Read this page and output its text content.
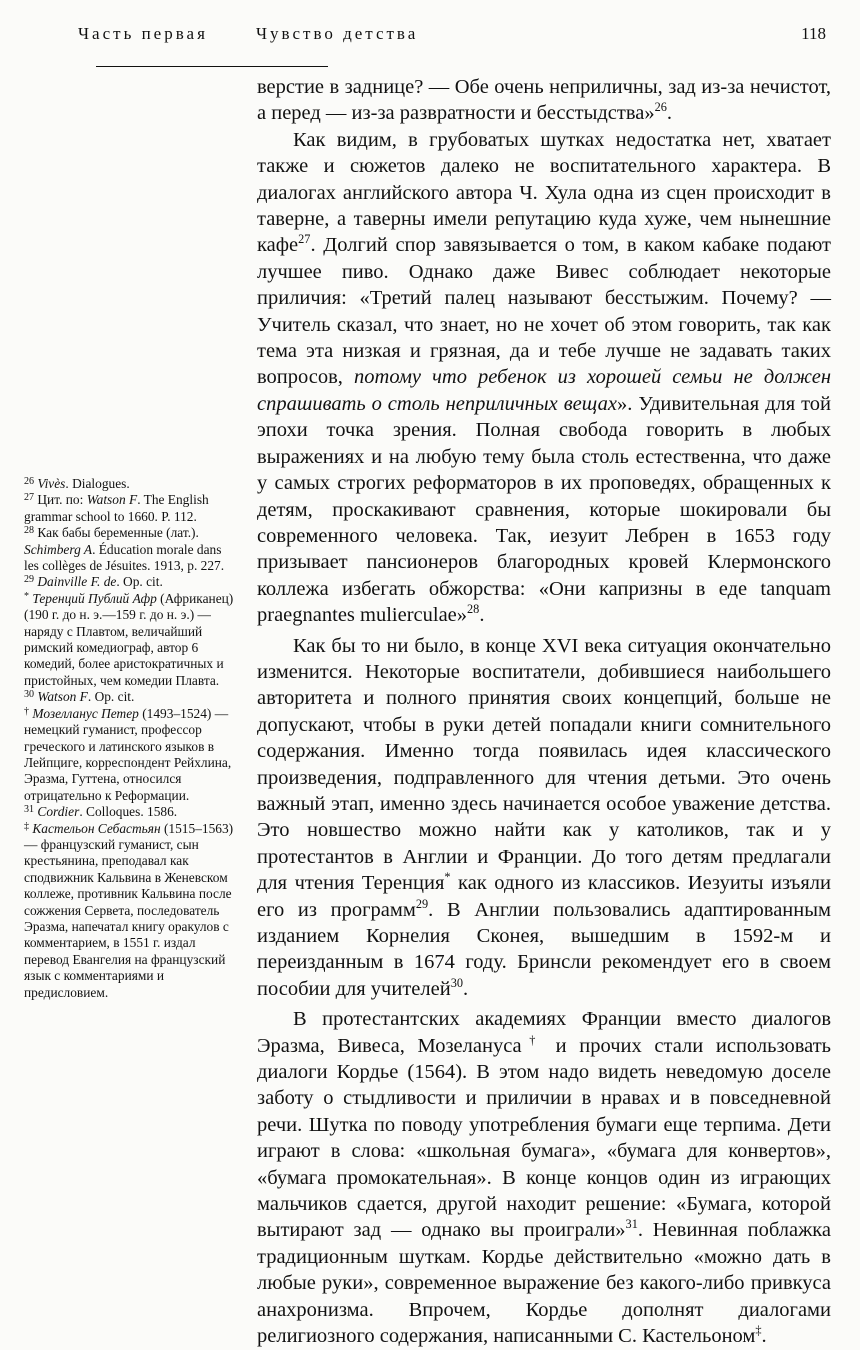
Часть первая	Чувство детства	118

верстие в заднице? — Обе очень неприличны, зад из-за нечистот, а перед — из-за развратности и бесстыдства»$^{26}$.

Как видим, в грубоватых шутках недостатка нет, хватает также и сюжетов далеко не воспитательного характера. В диалогах английского автора Ч. Хула одна из сцен происходит в таверне, а таверны имели репутацию куда хуже, чем нынешние кафе$^{27}$. Долгий спор завязывается о том, в каком кабаке подают лучшее пиво. Однако даже Вивес соблюдает некоторые приличия: «Третий палец называют бесстыжим. Почему? — Учитель сказал, что знает, но не хочет об этом говорить, так как тема эта низкая и грязная, да и тебе лучше не задавать таких вопросов, потому что ребенок из хорошей семьи не должен спрашивать о столь неприличных вещах». Удивительная для той эпохи точка зрения. Полная свобода говорить в любых выражениях и на любую тему была столь естественна, что даже у самых строгих реформаторов в их проповедях, обращенных к детям, проскакивают сравнения, которые шокировали бы современного человека. Так, иезуит Лебрен в 1653 году призывает пансионеров благородных кровей Клермонского коллежа избегать обжорства: «Они капризны в еде tanquam praegnantes mulierculae»$^{28}$.

Как бы то ни было, в конце XVI века ситуация окончательно изменится. Некоторые воспитатели, добившиеся наибольшего авторитета и полного принятия своих концепций, больше не допускают, чтобы в руки детей попадали книги сомнительного содержания. Именно тогда появилась идея классического произведения, подправленного для чтения детьми. Это очень важный этап, именно здесь начинается особое уважение детства. Это новшество можно найти как у католиков, так и у протестантов в Англии и Франции. До того детям предлагали для чтения Теренция* как одного из классиков. Иезуиты изъяли его из программ$^{29}$. В Англии пользовались адаптированным изданием Корнелия Сконея, вышедшим в 1592-м и переизданным в 1674 году. Бринсли рекомендует его в своем пособии для учителей$^{30}$.

В протестантских академиях Франции вместо диалогов Эразма, Вивеса, Мозелануса† и прочих стали использовать диалоги Кордье (1564). В этом надо видеть неведомую доселе заботу о стыдливости и приличии в нравах и в повседневной речи. Шутка по поводу употребления бумаги еще терпима. Дети играют в слова: «школьная бумага», «бумага для конвертов», «бумага промокательная». В конце концов один из играющих мальчиков сдается, другой находит решение: «Бумага, которой вытирают зад — однако вы проиграли»$^{31}$. Невинная поблажка традиционным шуткам. Кордье действительно «можно дать в любые руки», современное выражение без какого-либо привкуса анахронизма. Впрочем, Кордье дополнят диалогами религиозного содержания, написанными С. Кастельоном‡.

$^{26}$ Vivès. Dialogues.

$^{27}$ Цит. по: Watson F. The English grammar school to 1660. P. 112.

$^{28}$ Как бабы беременные (лат.). Schimberg A. Éducation morale dans les collèges de Jésuites. 1913, p. 227.

$^{29}$ Dainville F. de. Op. cit.

* Теренций Публий Афр (Африканец) (190 г. до н. э.—159 г. до н. э.) — наряду с Плавтом, величайший римский комедиограф, автор 6 комедий, более аристократичных и пристойных, чем комедии Плавта.

$^{30}$ Watson F. Op. cit.

† Мозелланус Петер (1493–1524) — немецкий гуманист, профессор греческого и латинского языков в Лейпциге, корреспондент Рейхлина, Эразма, Гуттена, относился отрицательно к Реформации.

$^{31}$ Cordier. Colloques. 1586.

‡ Кастельон Себастьян (1515–1563) — французский гуманист, сын крестьянина, преподавал как сподвижник Кальвина в Женевском коллеже, противник Кальвина после сожжения Сервета, последователь Эразма, напечатал книгу оракулов с комментарием, в 1551 г. издал перевод Евангелия на французский язык с комментариями и предисловием.
